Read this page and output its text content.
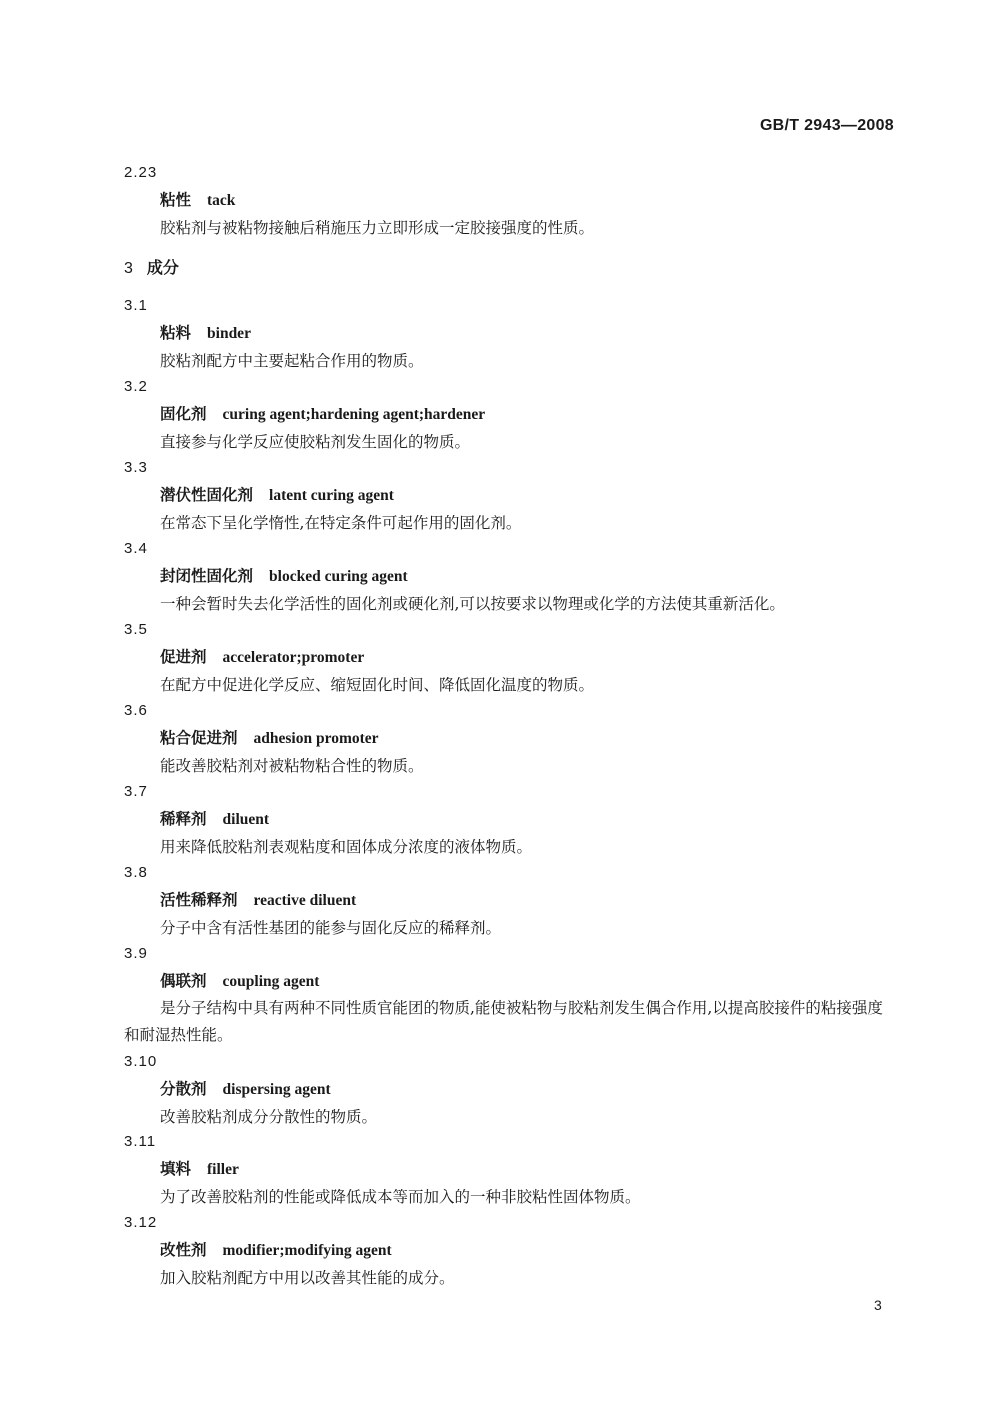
GB/T 2943—2008
2.23
粘性 tack
胶粘剂与被粘物接触后稍施压力立即形成一定胶接强度的性质。
3 成分
3.1
粘料 binder
胶粘剂配方中主要起粘合作用的物质。
3.2
固化剂 curing agent;hardening agent;hardener
直接参与化学反应使胶粘剂发生固化的物质。
3.3
潜伏性固化剂 latent curing agent
在常态下呈化学惰性,在特定条件可起作用的固化剂。
3.4
封闭性固化剂 blocked curing agent
一种会暂时失去化学活性的固化剂或硬化剂,可以按要求以物理或化学的方法使其重新活化。
3.5
促进剂 accelerator;promoter
在配方中促进化学反应、缩短固化时间、降低固化温度的物质。
3.6
粘合促进剂 adhesion promoter
能改善胶粘剂对被粘物粘合性的物质。
3.7
稀释剂 diluent
用来降低胶粘剂表观粘度和固体成分浓度的液体物质。
3.8
活性稀释剂 reactive diluent
分子中含有活性基团的能参与固化反应的稀释剂。
3.9
偶联剂 coupling agent
是分子结构中具有两种不同性质官能团的物质,能使被粘物与胶粘剂发生偶合作用,以提高胶接件的粘接强度和耐湿热性能。
3.10
分散剂 dispersing agent
改善胶粘剂成分分散性的物质。
3.11
填料 filler
为了改善胶粘剂的性能或降低成本等而加入的一种非胶粘性固体物质。
3.12
改性剂 modifier;modifying agent
加入胶粘剂配方中用以改善其性能的成分。
3
